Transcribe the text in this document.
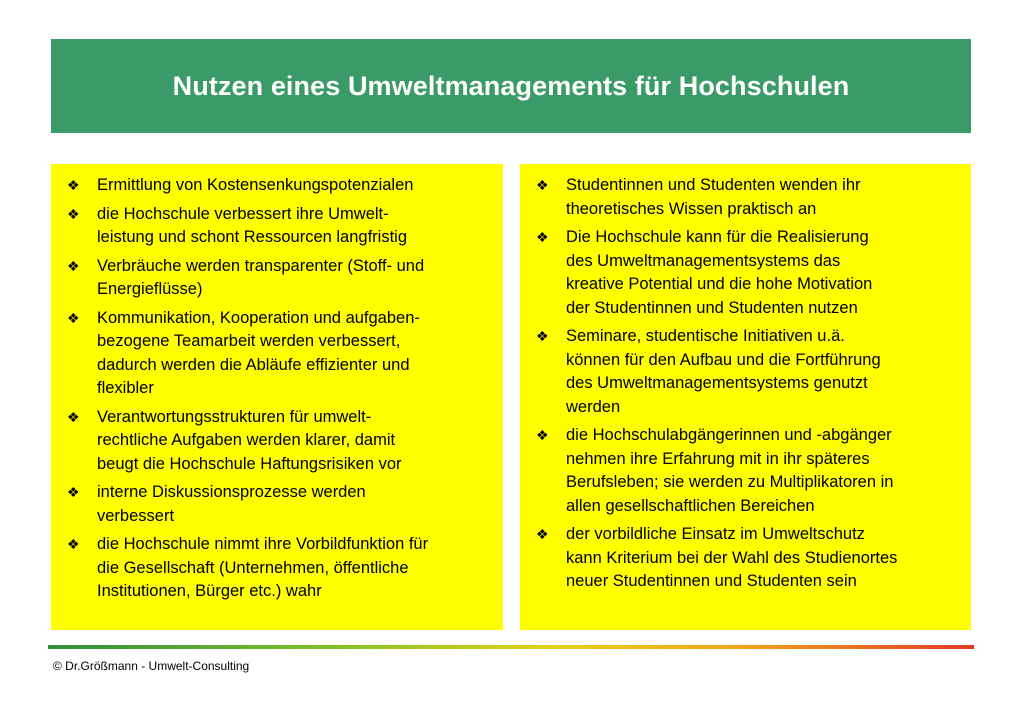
Nutzen eines Umweltmanagements für Hochschulen
❖ Ermittlung von Kostensenkungspotenzialen
❖ die Hochschule verbessert ihre Umwelt-
leistung und schont Ressourcen langfristig
❖ Verbräuche werden transparenter (Stoff- und
Energieflüsse)
❖ Kommunikation, Kooperation und aufgaben-
bezogene Teamarbeit werden verbessert,
dadurch werden die Abläufe effizienter und
flexibler
❖ Verantwortungsstrukturen für umwelt-
rechtliche Aufgaben werden klarer, damit
beugt die Hochschule Haftungsrisiken vor
❖ interne Diskussionsprozesse werden
verbessert
❖ die Hochschule nimmt ihre Vorbildfunktion für
die Gesellschaft (Unternehmen, öffentliche
Institutionen, Bürger etc.) wahr
❖ Studentinnen und Studenten wenden ihr
theoretisches Wissen praktisch an
❖ Die Hochschule kann für die Realisierung
des Umweltmanagementsystems das
kreative Potential und die hohe Motivation
der Studentinnen und Studenten nutzen
❖ Seminare, studentische Initiativen u.ä.
können für den Aufbau und die Fortführung
des Umweltmanagementsystems genutzt
werden
❖ die Hochschulabgängerinnen und -abgänger
nehmen ihre Erfahrung mit in ihr späteres
Berufsleben; sie werden zu Multiplikatoren in
allen gesellschaftlichen Bereichen
❖ der vorbildliche Einsatz im Umweltschutz
kann Kriterium bei der Wahl des Studienortes
neuer Studentinnen und Studenten sein
© Dr.Größmann - Umwelt-Consulting
